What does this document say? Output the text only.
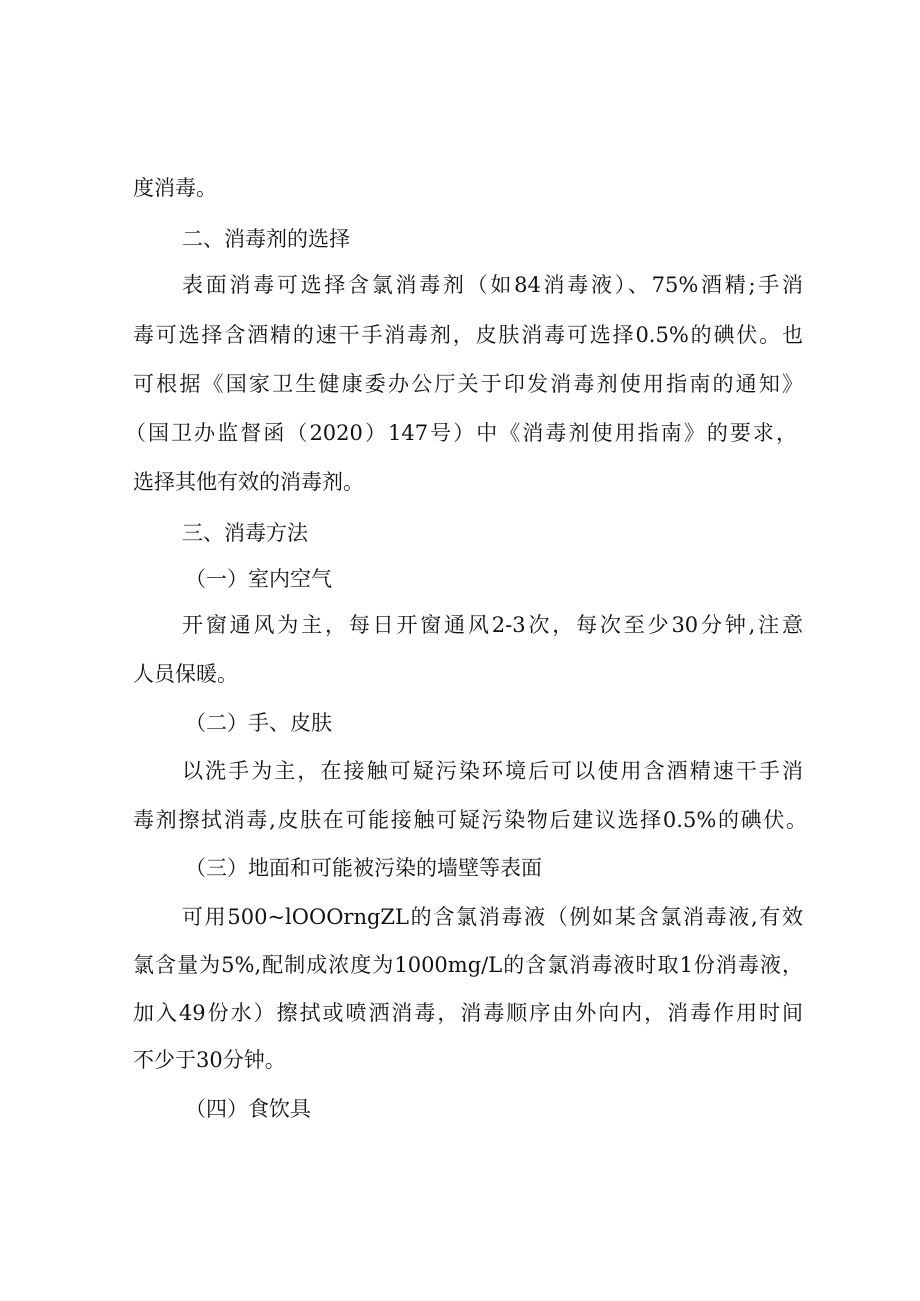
度消毒。
二、消毒剂的选择
表面消毒可选择含氯消毒剂（如84消毒液）、75%酒精;手消
毒可选择含酒精的速干手消毒剂，皮肤消毒可选择0.5%的碘伏。也
可根据《国家卫生健康委办公厅关于印发消毒剂使用指南的通知》
（国卫办监督函（2020）147号）中《消毒剂使用指南》的要求，
选择其他有效的消毒剂。
三、消毒方法
（一）室内空气
开窗通风为主，每日开窗通风2-3次，每次至少30分钟,注意
人员保暖。
（二）手、皮肤
以洗手为主，在接触可疑污染环境后可以使用含酒精速干手消
毒剂擦拭消毒,皮肤在可能接触可疑污染物后建议选择0.5%的碘伏。
（三）地面和可能被污染的墙壁等表面
可用500~lOOOrngZL的含氯消毒液（例如某含氯消毒液,有效
氯含量为5%,配制成浓度为1000mg∕L的含氯消毒液时取1份消毒液，
加入49份水）擦拭或喷洒消毒，消毒顺序由外向内，消毒作用时间
不少于30分钟。
（四）食饮具
